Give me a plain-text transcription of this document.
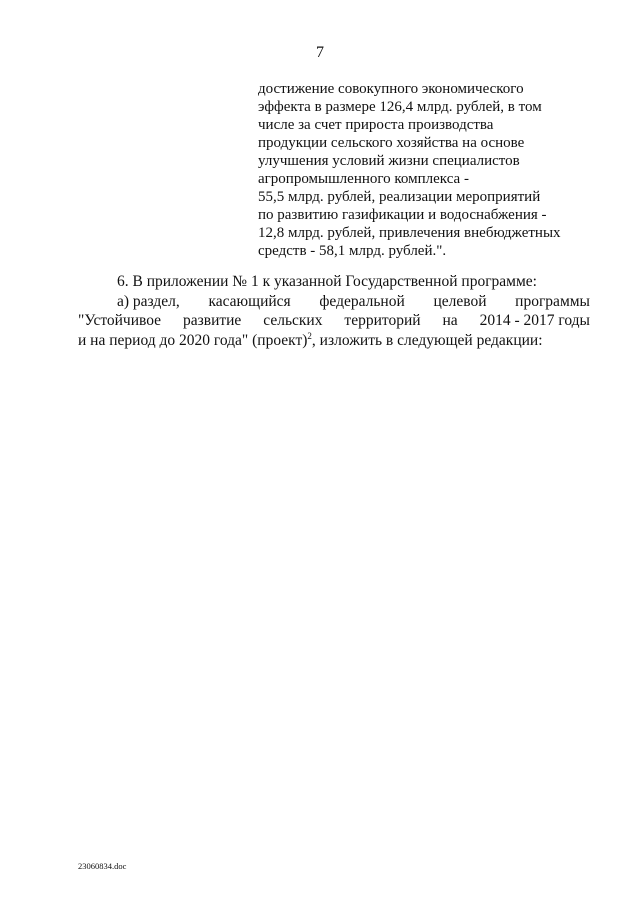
7
достижение совокупного экономического
эффекта в размере 126,4 млрд. рублей, в том
числе за счет прироста производства
продукции сельского хозяйства на основе
улучшения условий жизни специалистов
агропромышленного комплекса -
55,5 млрд. рублей, реализации мероприятий
по развитию газификации и водоснабжения -
12,8 млрд. рублей, привлечения внебюджетных
средств - 58,1 млрд. рублей.".
6. В приложении № 1 к указанной Государственной программе:
а) раздел, касающийся федеральной целевой программы
"Устойчивое развитие сельских территорий на 2014 - 2017 годы
и на период до 2020 года" (проект)$^2$, изложить в следующей редакции:
23060834.doc
